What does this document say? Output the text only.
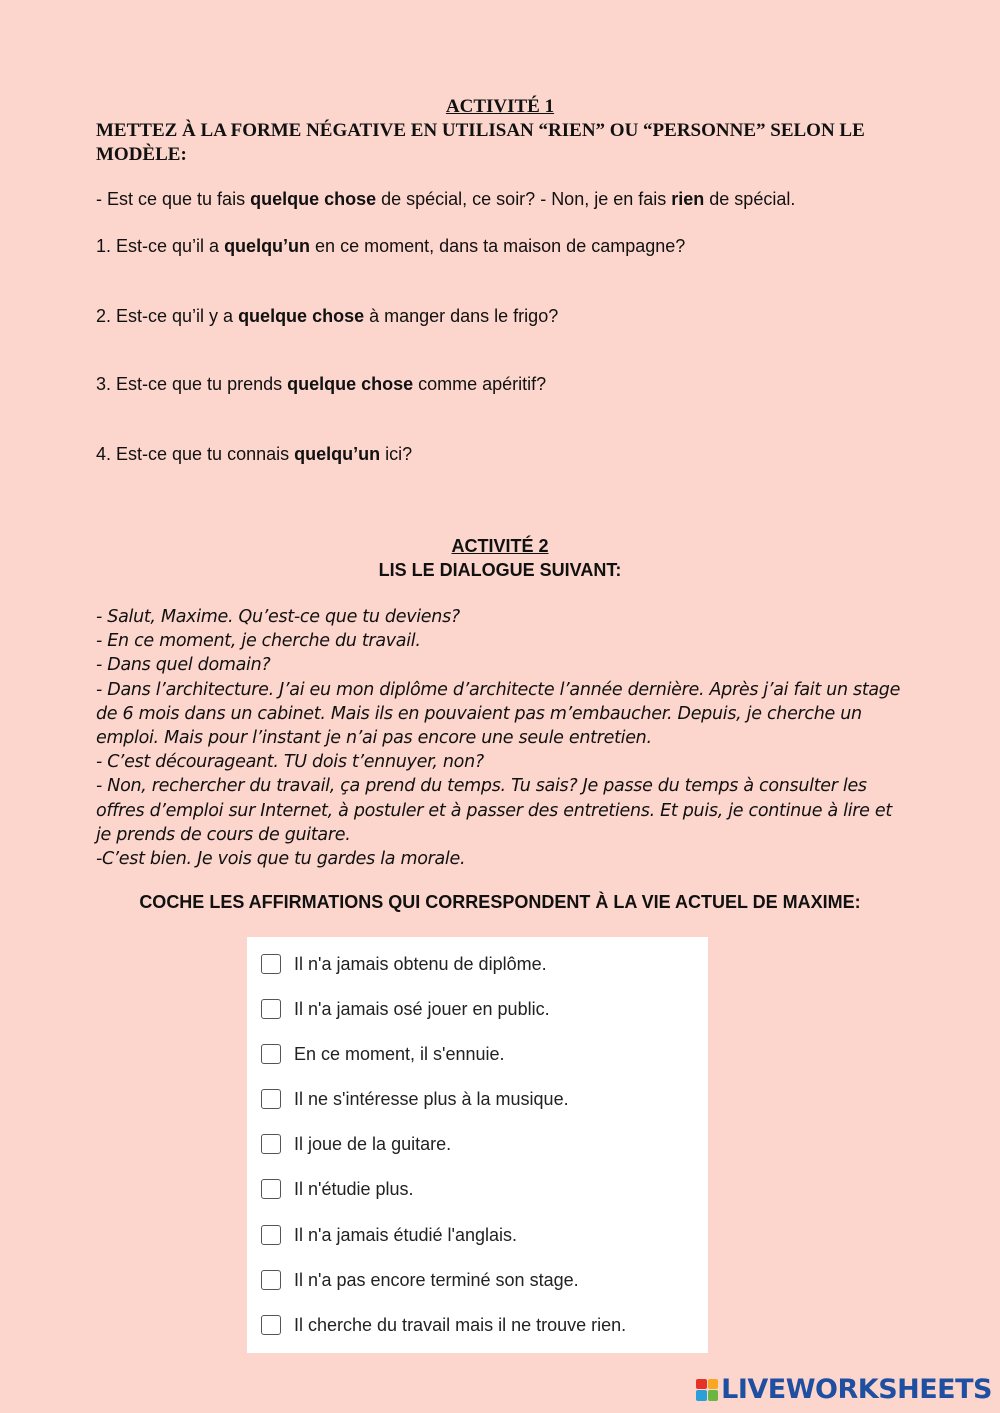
ACTIVITÉ 1
METTEZ À LA FORME NÉGATIVE EN UTILISAN “RIEN” OU “PERSONNE” SELON LE MODÈLE:
- Est ce que tu fais quelque chose de spécial, ce soir? - Non, je en fais rien de spécial.
1. Est-ce qu’il a quelqu’un en ce moment, dans ta maison de campagne?
2. Est-ce qu’il y a quelque chose à manger dans le frigo?
3. Est-ce que tu prends quelque chose comme apéritif?
4. Est-ce que tu connais quelqu’un ici?
ACTIVITÉ 2
LIS LE DIALOGUE SUIVANT:
- Salut, Maxime. Qu’est-ce que tu deviens?
- En ce moment, je cherche du travail.
- Dans quel domain?
- Dans l’architecture. J’ai eu mon diplôme d’architecte l’année dernière. Après j’ai fait un stage de 6 mois dans un cabinet. Mais ils en pouvaient pas m’embaucher. Depuis, je cherche un emploi. Mais pour l’instant je n’ai pas encore une seule entretien.
- C’est décourageant. TU dois t’ennuyer, non?
- Non, rechercher du travail, ça prend du temps. Tu sais? Je passe du temps à consulter les offres d’emploi sur Internet, à postuler et à passer des entretiens. Et puis, je continue à lire et je prends de cours de guitare.
-C’est bien. Je vois que tu gardes la morale.
COCHE LES AFFIRMATIONS QUI CORRESPONDENT À LA VIE ACTUEL DE MAXIME:
Il n'a jamais obtenu de diplôme.
Il n'a jamais osé jouer en public.
En ce moment, il s'ennuie.
Il ne s'intéresse plus à la musique.
Il joue de la guitare.
Il n'étudie plus.
Il n'a jamais étudié l'anglais.
Il n'a pas encore terminé son stage.
Il cherche du travail mais il ne trouve rien.
LIVEWORKSHEETS
